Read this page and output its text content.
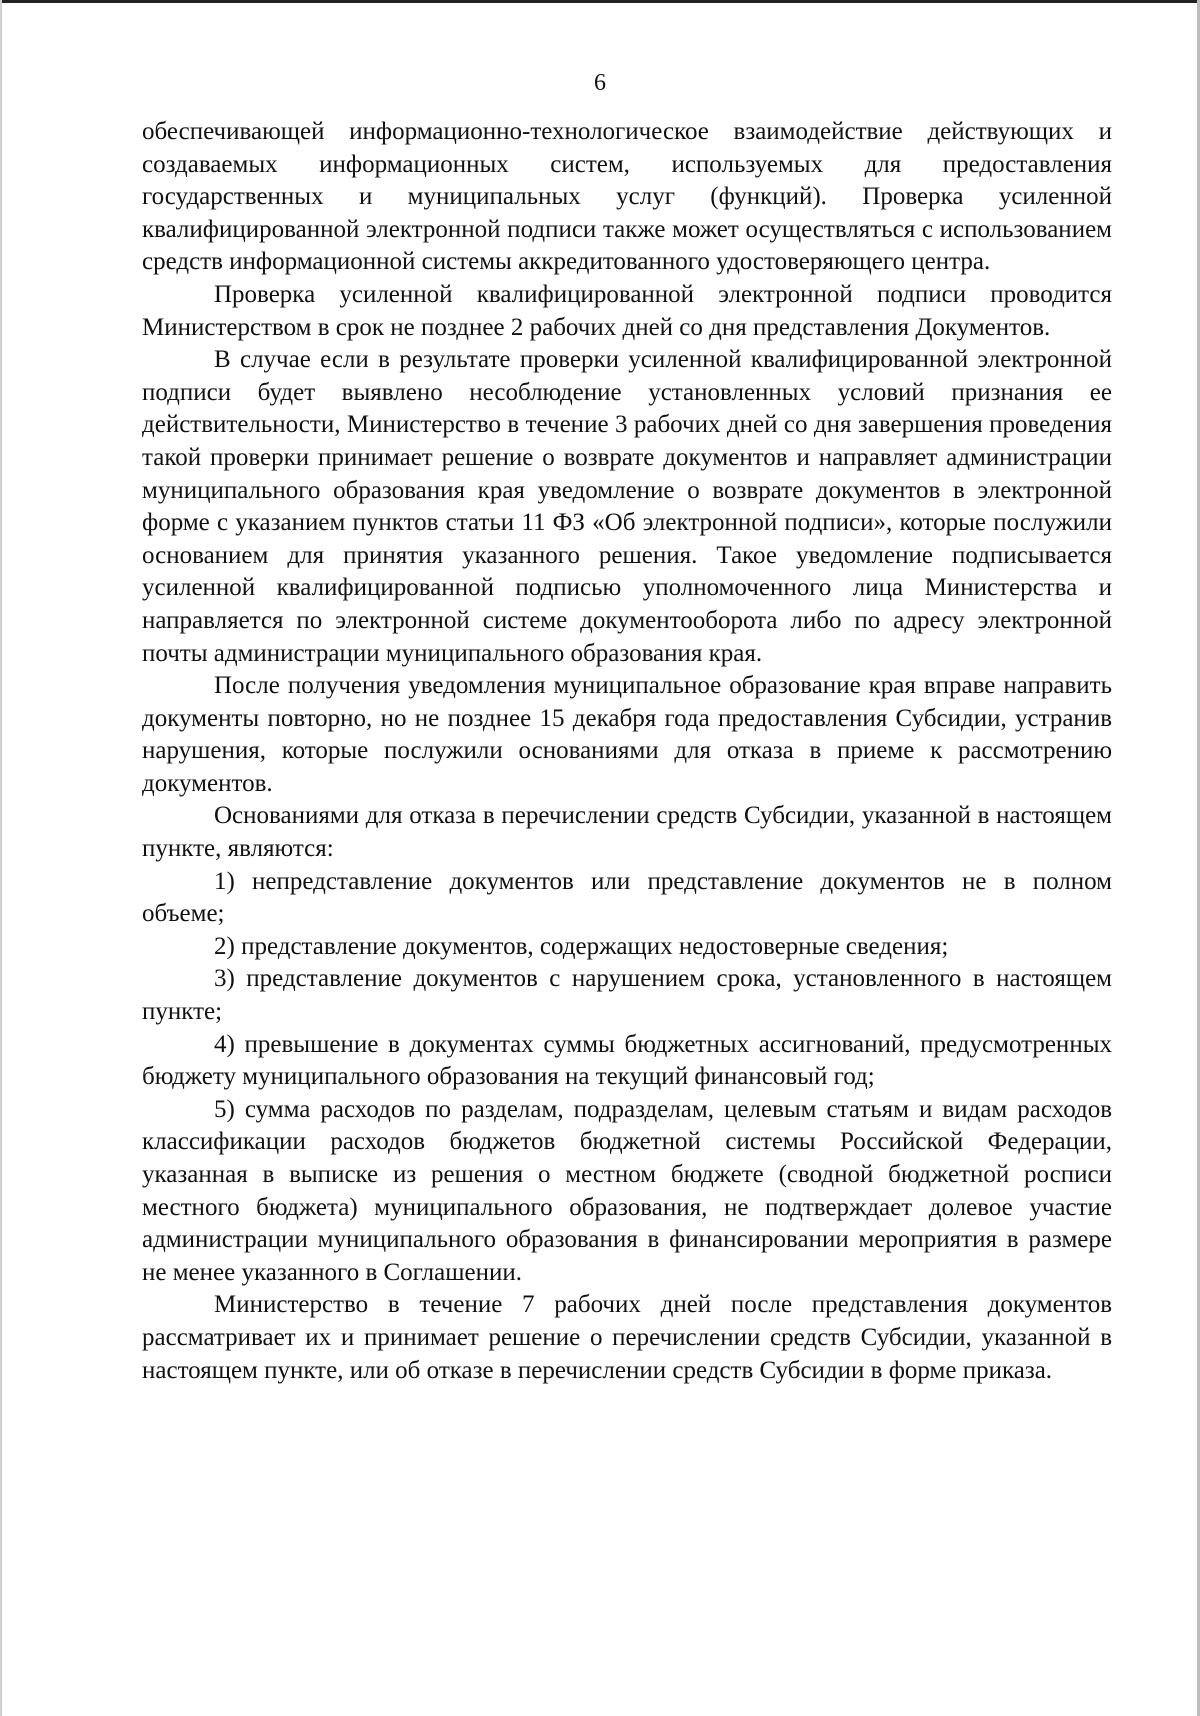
6

обеспечивающей информационно-технологическое взаимодействие действующих и создаваемых информационных систем, используемых для предоставления государственных и муниципальных услуг (функций). Проверка усиленной квалифицированной электронной подписи также может осуществляться с использованием средств информационной системы аккредитованного удостоверяющего центра.

Проверка усиленной квалифицированной электронной подписи проводится Министерством в срок не позднее 2 рабочих дней со дня представления Документов.

В случае если в результате проверки усиленной квалифицированной электронной подписи будет выявлено несоблюдение установленных условий признания ее действительности, Министерство в течение 3 рабочих дней со дня завершения проведения такой проверки принимает решение о возврате документов и направляет администрации муниципального образования края уведомление о возврате документов в электронной форме с указанием пунктов статьи 11 ФЗ «Об электронной подписи», которые послужили основанием для принятия указанного решения. Такое уведомление подписывается усиленной квалифицированной подписью уполномоченного лица Министерства и направляется по электронной системе документооборота либо по адресу электронной почты администрации муниципального образования края.

После получения уведомления муниципальное образование края вправе направить документы повторно, но не позднее 15 декабря года предоставления Субсидии, устранив нарушения, которые послужили основаниями для отказа в приеме к рассмотрению документов.

Основаниями для отказа в перечислении средств Субсидии, указанной в настоящем пункте, являются:

1) непредставление документов или представление документов не в полном объеме;

2) представление документов, содержащих недостоверные сведения;

3) представление документов с нарушением срока, установленного в настоящем пункте;

4) превышение в документах суммы бюджетных ассигнований, предусмотренных бюджету муниципального образования на текущий финансовый год;

5) сумма расходов по разделам, подразделам, целевым статьям и видам расходов классификации расходов бюджетов бюджетной системы Российской Федерации, указанная в выписке из решения о местном бюджете (сводной бюджетной росписи местного бюджета) муниципального образования, не подтверждает долевое участие администрации муниципального образования в финансировании мероприятия в размере не менее указанного в Соглашении.

Министерство в течение 7 рабочих дней после представления документов рассматривает их и принимает решение о перечислении средств Субсидии, указанной в настоящем пункте, или об отказе в перечислении средств Субсидии в форме приказа.
